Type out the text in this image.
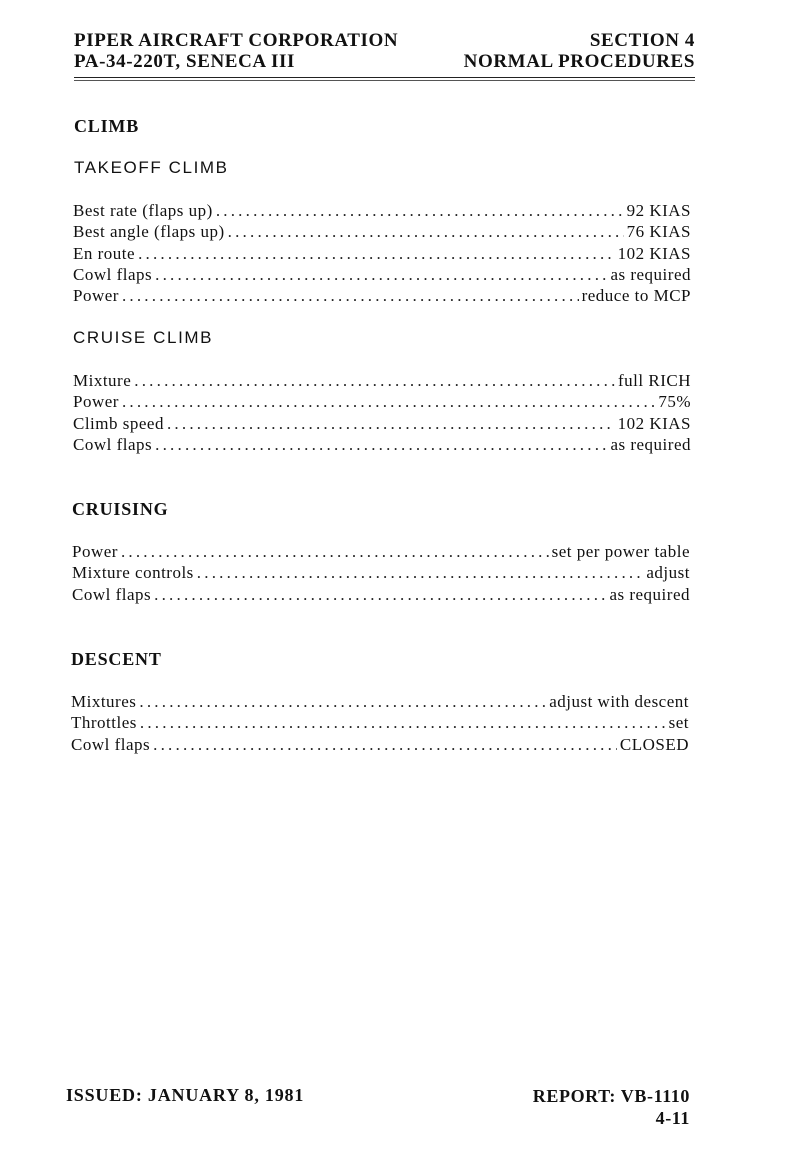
PIPER AIRCRAFT CORPORATION	SECTION 4
PA-34-220T, SENECA III	NORMAL PROCEDURES
CLIMB
TAKEOFF CLIMB
Best rate (flaps up) .....	92 KIAS
Best angle (flaps up) .....	76 KIAS
En route .....	102 KIAS
Cowl flaps .....	as required
Power .....	reduce to MCP
CRUISE CLIMB
Mixture .....	full RICH
Power .....	75%
Climb speed .....	102 KIAS
Cowl flaps .....	as required
CRUISING
Power .....	set per power table
Mixture controls .....	adjust
Cowl flaps .....	as required
DESCENT
Mixtures .....	adjust with descent
Throttles .....	set
Cowl flaps .....	CLOSED
ISSUED: JANUARY 8, 1981	REPORT: VB-1110
4-11
